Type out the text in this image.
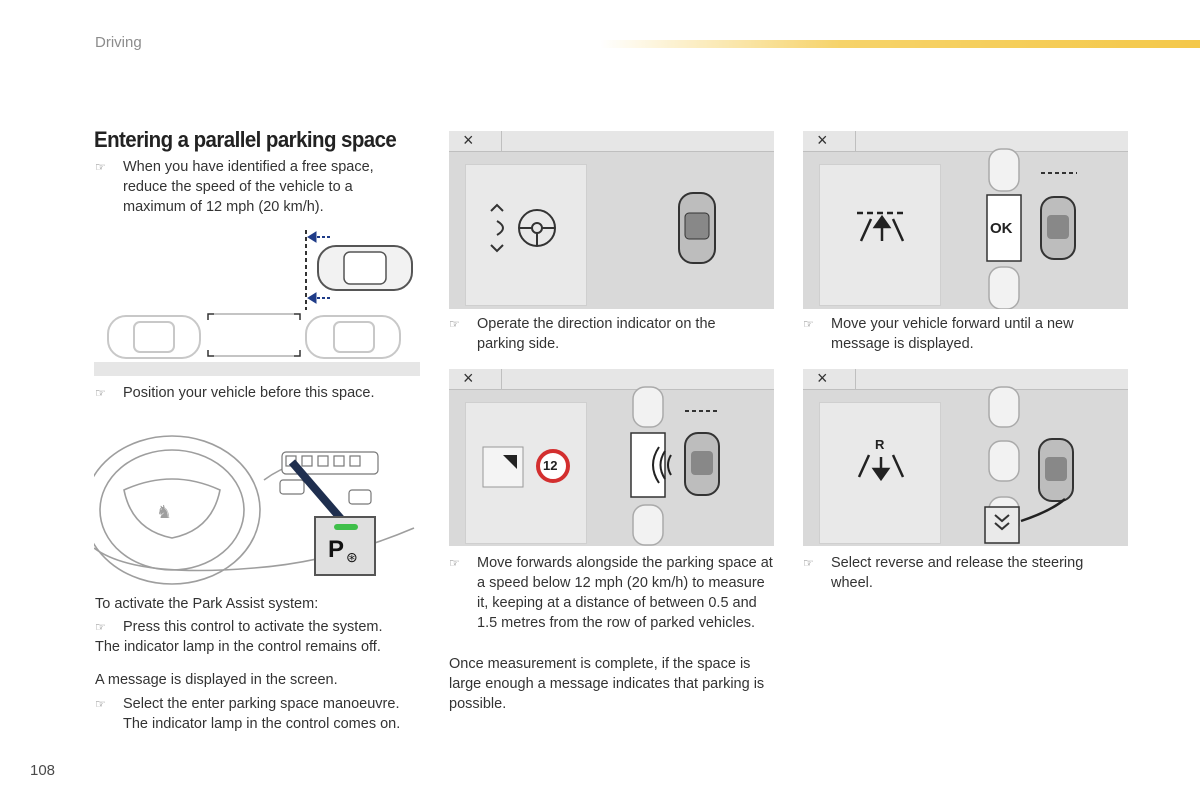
Driving
Entering a parallel parking space
☞	When you have identified a free space, reduce the speed of the vehicle to a maximum of 12 mph (20 km/h).
☞	Position your vehicle before this space.
♞
P ⊛
To activate the Park Assist system:
☞	Press this control to activate the system.
The indicator lamp in the control remains off.
A message is displayed in the screen.
☞	Select the enter parking space manoeuvre. The indicator lamp in the control comes on.
×
☞	Operate the direction indicator on the parking side.
×
OK
☞	Move your vehicle forward until a new message is displayed.
×
12
☞	Move forwards alongside the parking space at a speed below 12 mph (20 km/h) to measure it, keeping at a distance of between 0.5 and 1.5 metres from the row of parked vehicles.
Once measurement is complete, if the space is large enough a message indicates that parking is possible.
×
R
☞	Select reverse and release the steering wheel.
108
